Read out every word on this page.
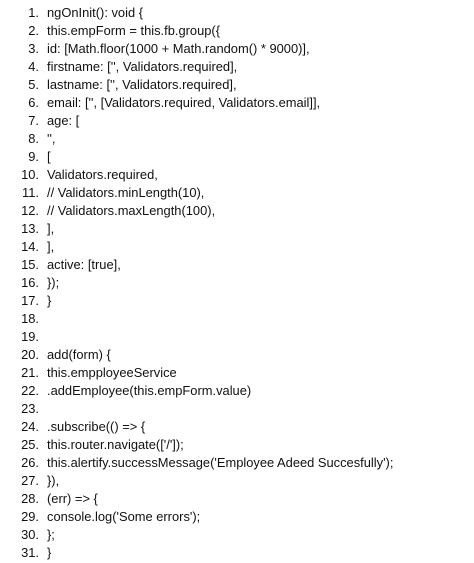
1. ngOnInit(): void {
2. this.empForm = this.fb.group({
3. id: [Math.floor(1000 + Math.random() * 9000)],
4. firstname: ['', Validators.required],
5. lastname: ['', Validators.required],
6. email: ['', [Validators.required, Validators.email]],
7. age: [
8. '',
9. [
10. Validators.required,
11. // Validators.minLength(10),
12. // Validators.maxLength(100),
13. ],
14. ],
15. active: [true],
16. });
17. }
18.
19.
20. add(form) {
21. this.empployeeService
22. .addEmployee(this.empForm.value)
23.
24. .subscribe(() => {
25. this.router.navigate(['/']);
26. this.alertify.successMessage('Employee Adeed Succesfully');
27. }),
28. (err) => {
29. console.log('Some errors');
30. };
31. }
